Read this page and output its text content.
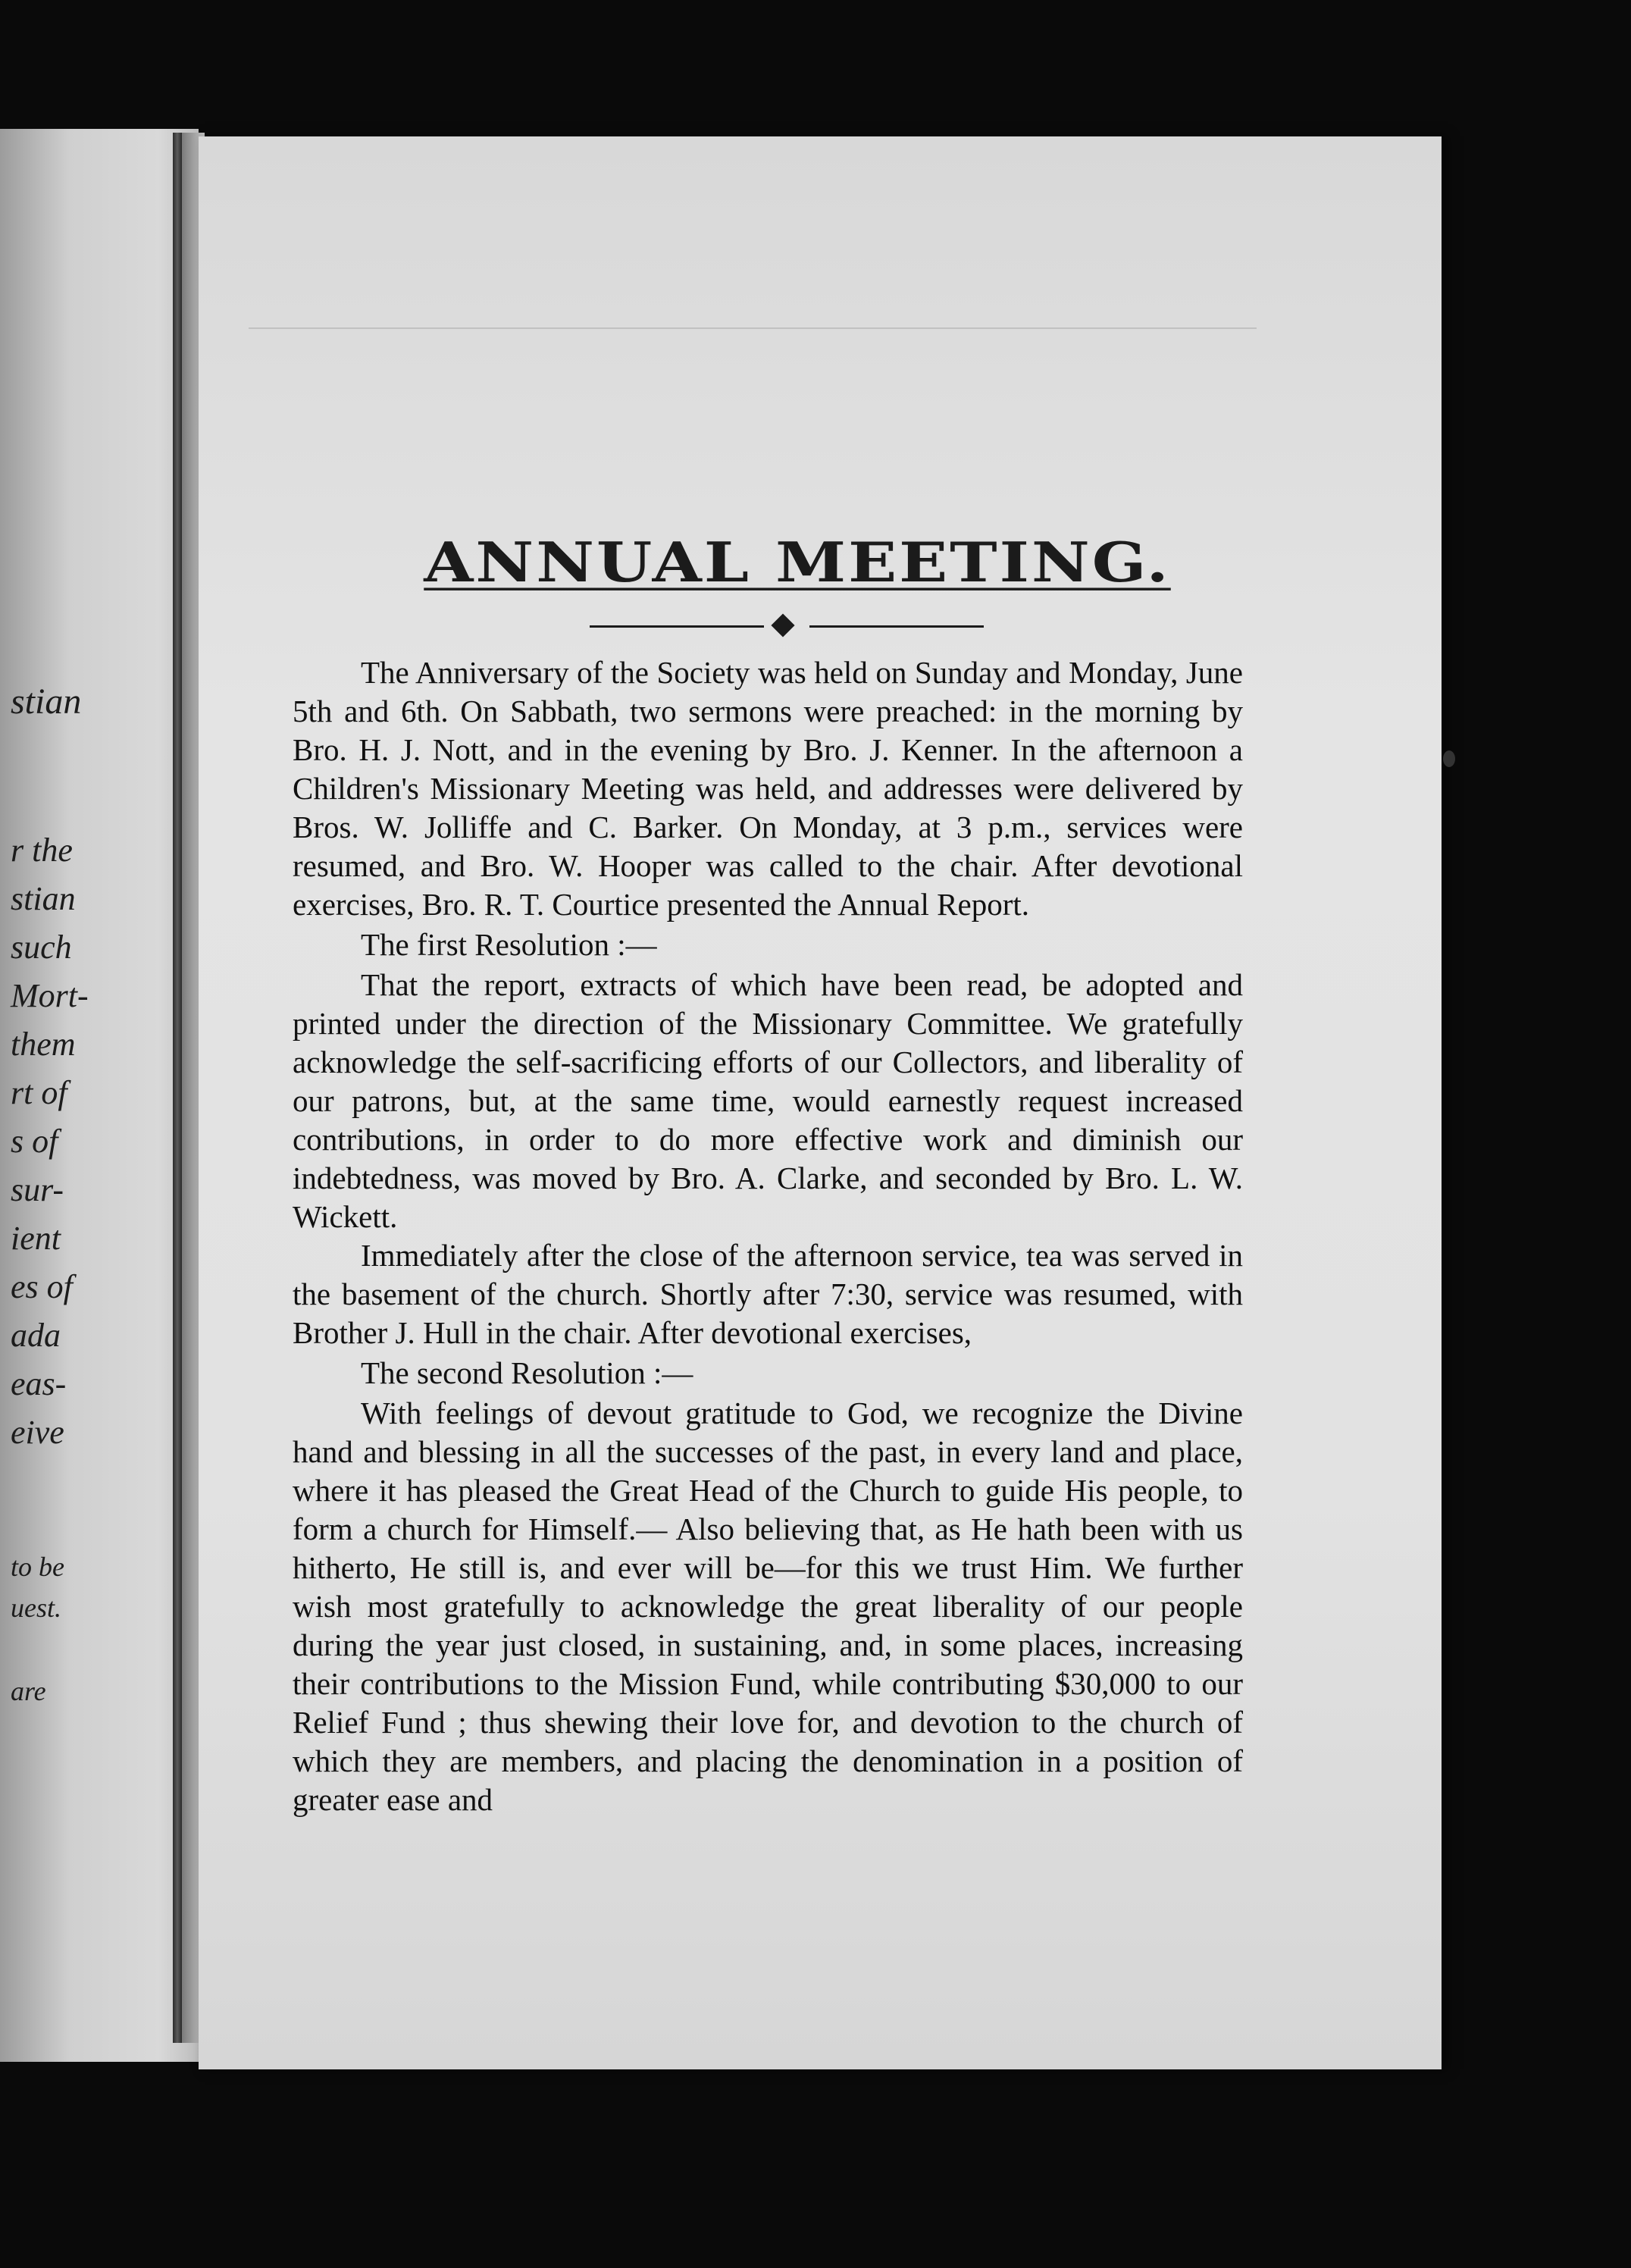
stian
r the
stian
such
Mort-
them
rt of
s of
sur-
ient
es of
ada
eas-
eive
to be
uest.
are
ANNUAL MEETING.

The Anniversary of the Society was held on Sunday and Monday, June 5th and 6th. On Sabbath, two sermons were preached: in the morning by Bro. H. J. Nott, and in the evening by Bro. J. Kenner. In the afternoon a Children's Missionary Meeting was held, and addresses were delivered by Bros. W. Jolliffe and C. Barker. On Monday, at 3 p.m., services were resumed, and Bro. W. Hooper was called to the chair. After devotional exercises, Bro. R. T. Courtice presented the Annual Report.

The first Resolution :—

That the report, extracts of which have been read, be adopted and printed under the direction of the Missionary Committee. We gratefully acknowledge the self-sacrificing efforts of our Collectors, and liberality of our patrons, but, at the same time, would earnestly request increased contributions, in order to do more effective work and diminish our indebtedness, was moved by Bro. A. Clarke, and seconded by Bro. L. W. Wickett.

Immediately after the close of the afternoon service, tea was served in the basement of the church. Shortly after 7:30, service was resumed, with Brother J. Hull in the chair. After devotional exercises,

The second Resolution :—

With feelings of devout gratitude to God, we recognize the Divine hand and blessing in all the successes of the past, in every land and place, where it has pleased the Great Head of the Church to guide His people, to form a church for Himself.— Also believing that, as He hath been with us hitherto, He still is, and ever will be—for this we trust Him. We further wish most gratefully to acknowledge the great liberality of our people during the year just closed, in sustaining, and, in some places, increasing their contributions to the Mission Fund, while contributing $30,000 to our Relief Fund ; thus shewing their love for, and devotion to the church of which they are members, and placing the denomination in a position of greater ease and
